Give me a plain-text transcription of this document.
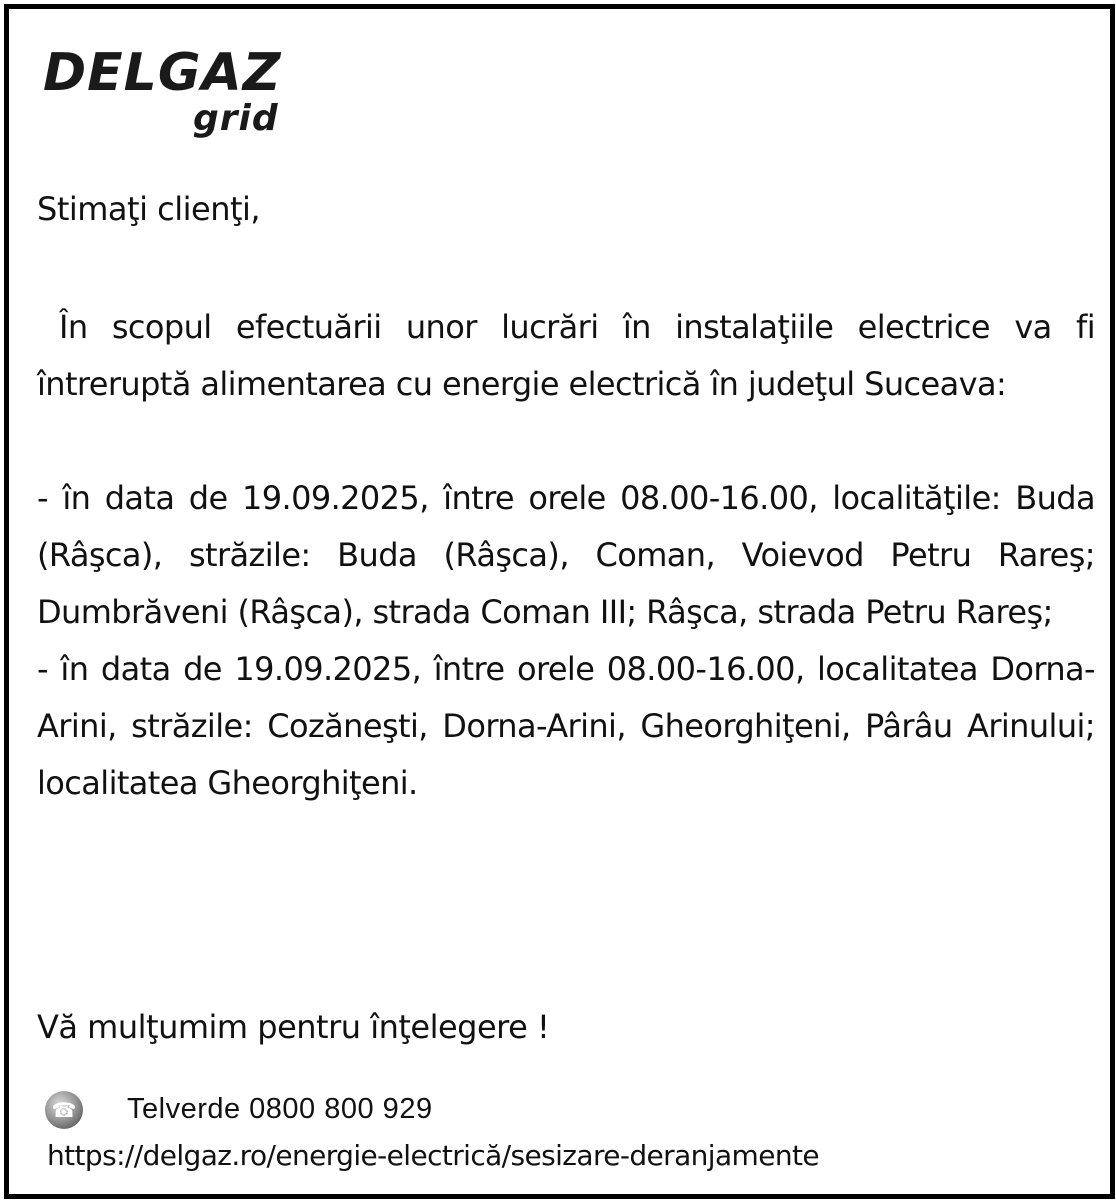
DELGAZ
grid
Stimaţi clienţi,
În scopul efectuării unor lucrări în instalaţiile electrice va fi întreruptă alimentarea cu energie electrică în judeţul Suceava:
- în data de 19.09.2025, între orele 08.00-16.00, localităţile: Buda (Râşca), străzile: Buda (Râşca), Coman, Voievod Petru Rareş; Dumbrăveni (Râşca), strada Coman III; Râşca, strada Petru Rareş;
- în data de 19.09.2025, între orele 08.00-16.00, localitatea Dorna-Arini, străzile: Cozăneşti, Dorna-Arini, Gheorghiţeni, Pârâu Arinului; localitatea Gheorghiţeni.
Vă mulţumim pentru înţelegere !
☎ Telverde 0800 800 929
https://delgaz.ro/energie-electrică/sesizare-deranjamente
